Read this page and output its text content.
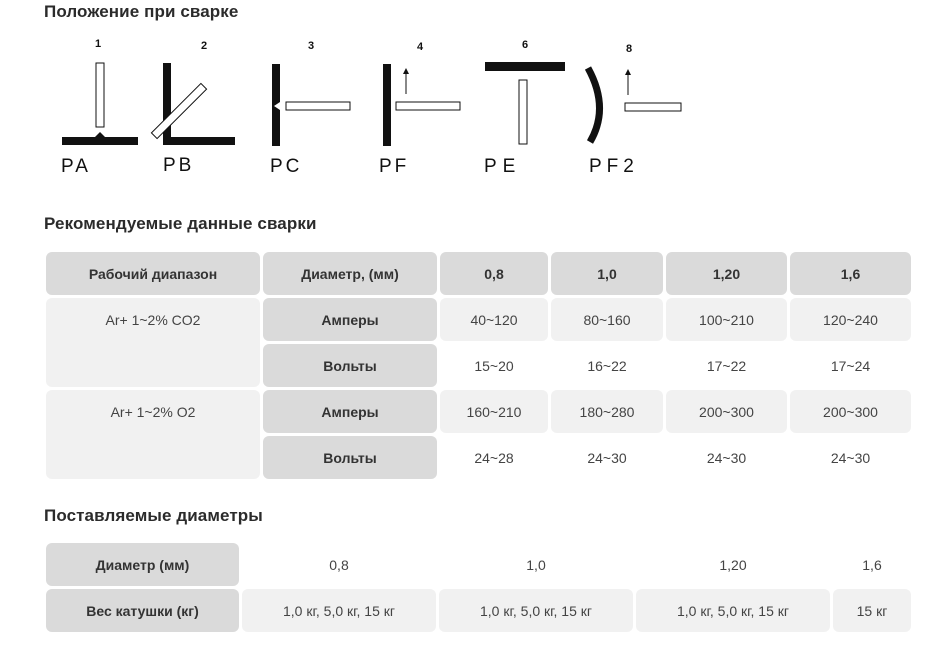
Положение при сварке
1	2	3	4	6	8
PA	PB	PC	PF	PE	PF2
Рекомендуемые данные сварки
Рабочий диапазон	Диаметр, (мм)	0,8	1,0	1,20	1,6
Ar+ 1~2% CO2	Амперы	40~120	80~160	100~210	120~240
Вольты	15~20	16~22	17~22	17~24
Ar+ 1~2% O2	Амперы	160~210	180~280	200~300	200~300
Вольты	24~28	24~30	24~30	24~30
Поставляемые диаметры
Диаметр (мм)	0,8	1,0	1,20	1,6
Вес катушки (кг)	1,0 кг, 5,0 кг, 15 кг	1,0 кг, 5,0 кг, 15 кг	1,0 кг, 5,0 кг, 15 кг	15 кг
